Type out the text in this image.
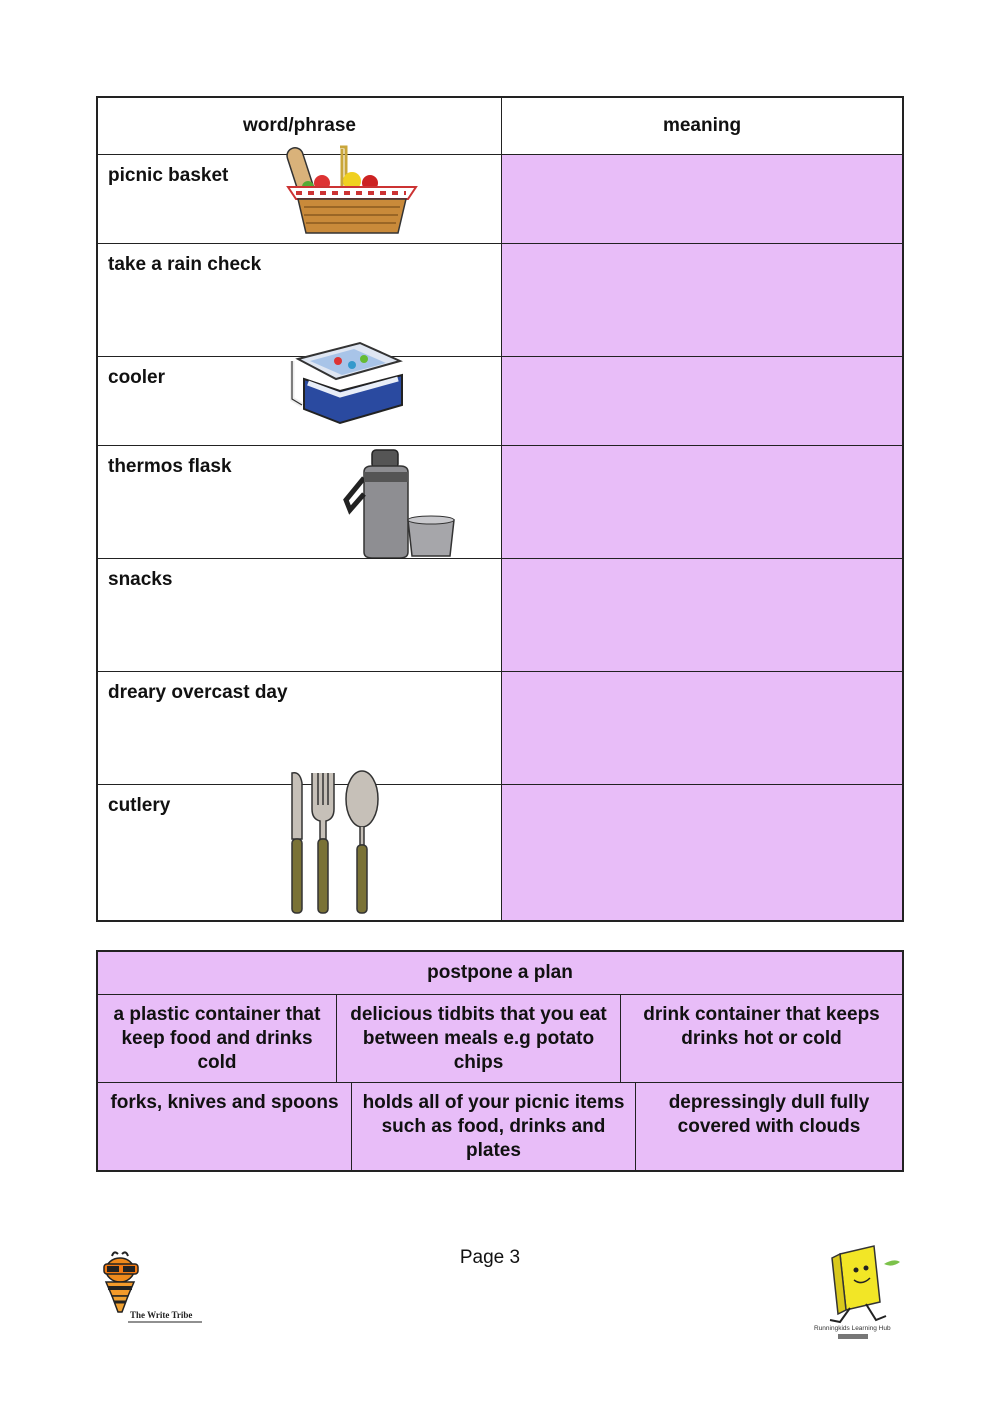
word/phrase	meaning
picnic basket
take a rain check
cooler
thermos flask
snacks
dreary overcast day
cutlery
postpone a plan
a plastic container that keep food and drinks cold
delicious tidbits that you eat between meals e.g potato chips
drink container that keeps drinks hot or cold
forks, knives and spoons	holds all of your picnic items such as food, drinks and plates
depressingly dull fully covered with clouds
Page 3
The Write Tribe
Runningkids Learning Hub
